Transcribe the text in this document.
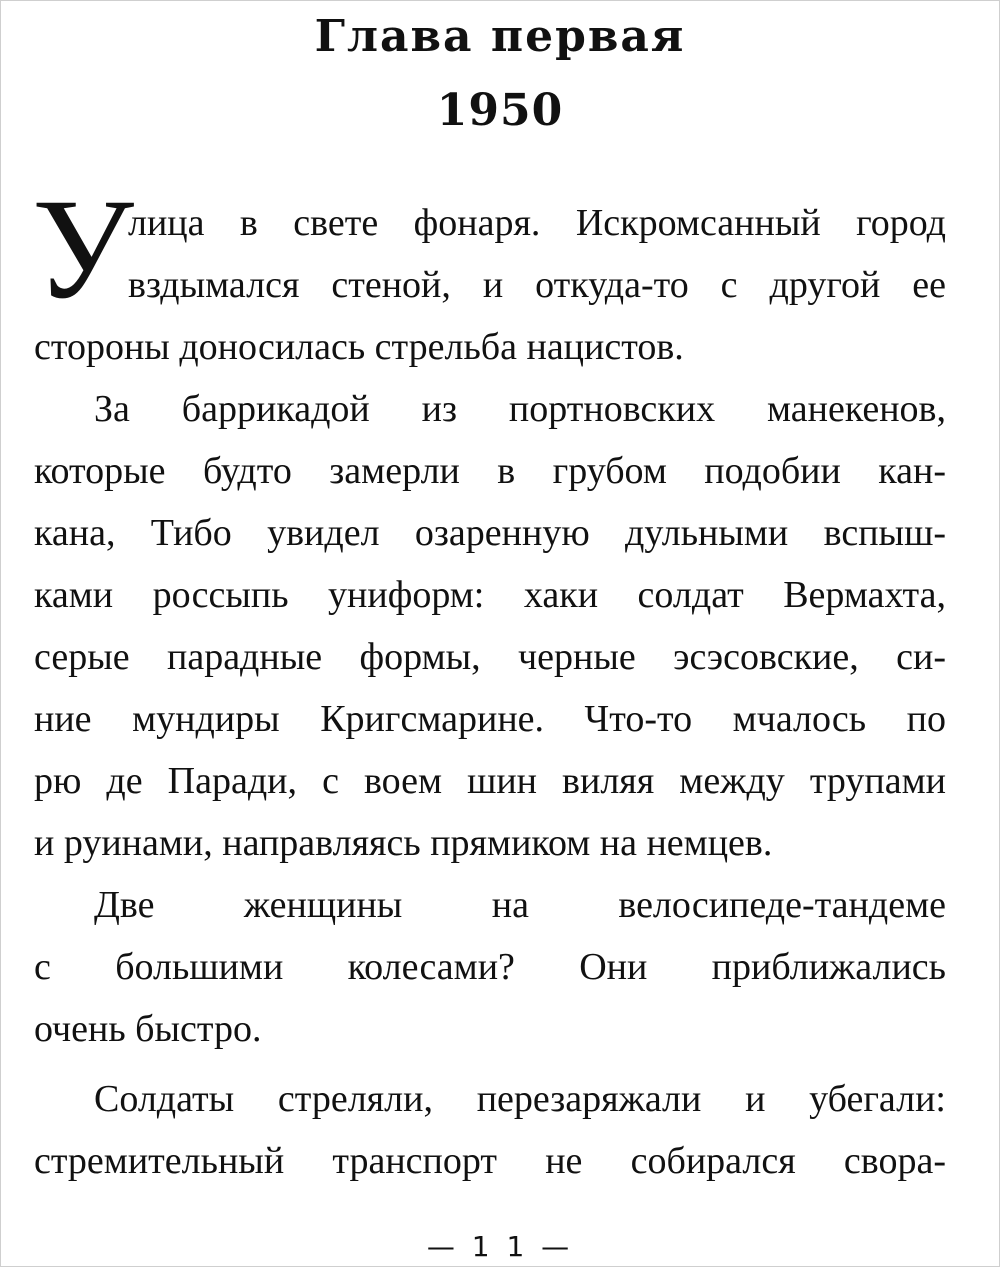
Глава первая
1950
У
лица в свете фонаря. Искромсанный город
вздымался стеной, и откуда-то с другой ее
стороны доносилась стрельба нацистов.
За баррикадой из портновских манекенов,
которые будто замерли в грубом подобии кан-
кана, Тибо увидел озаренную дульными вспыш-
ками россыпь униформ: хаки солдат Вермахта,
серые парадные формы, черные эсэсовские, си-
ние мундиры Кригсмарине. Что-то мчалось по
рю де Паради, с воем шин виляя между трупами
и руинами, направляясь прямиком на немцев.
Две женщины на велосипеде-тандеме
с большими колесами? Они приближались
очень быстро.
Солдаты стреляли, перезаряжали и убегали:
стремительный транспорт не собирался свора-
— 1 1 —
